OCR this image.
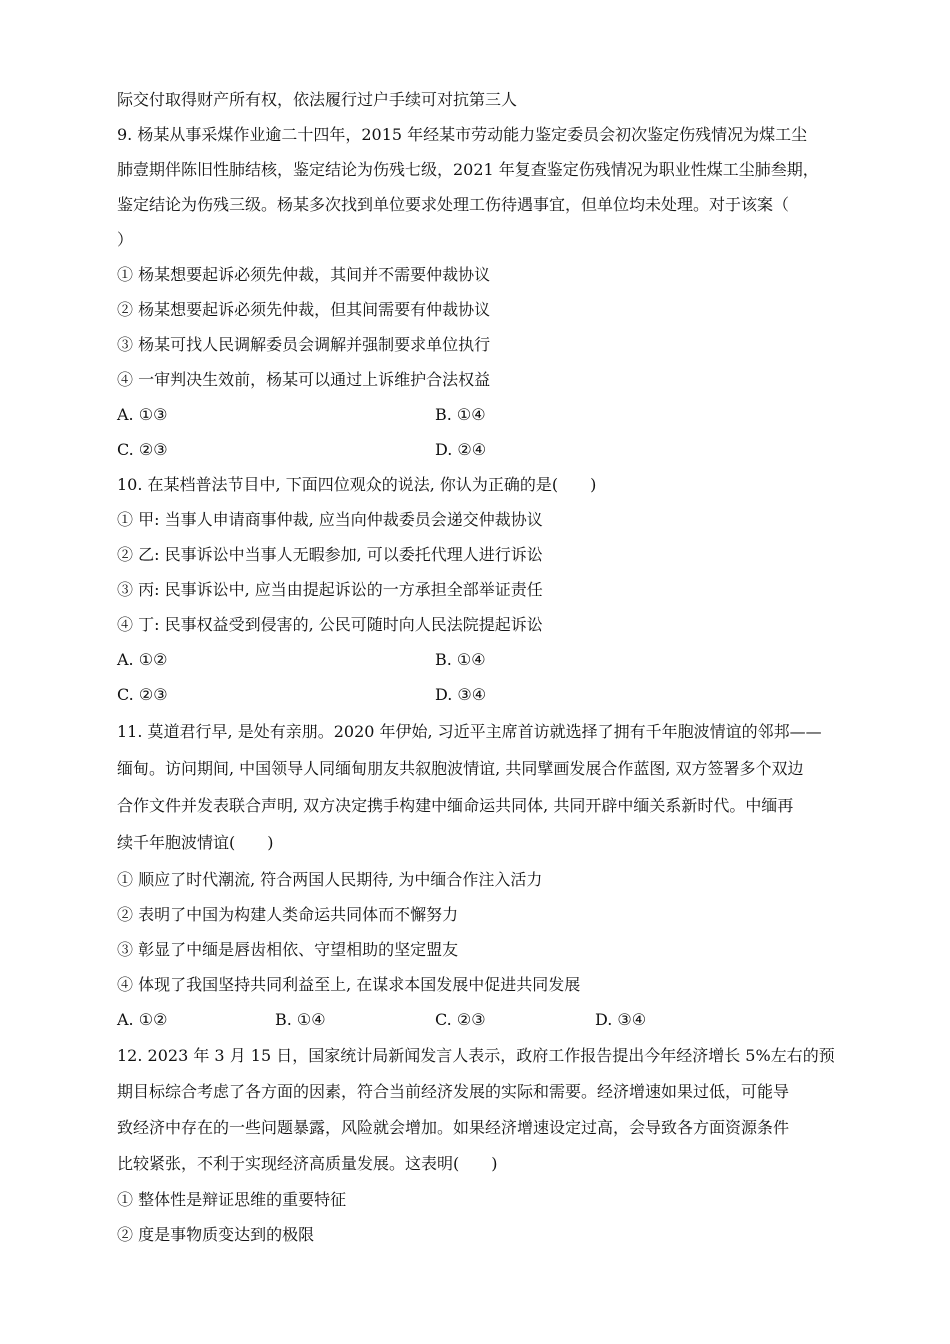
际交付取得财产所有权，依法履行过户手续可对抗第三人
9. 杨某从事采煤作业逾二十四年，2015 年经某市劳动能力鉴定委员会初次鉴定伤残情况为煤工尘
肺壹期伴陈旧性肺结核，鉴定结论为伤残七级，2021 年复查鉴定伤残情况为职业性煤工尘肺叁期，
鉴定结论为伤残三级。杨某多次找到单位要求处理工伤待遇事宜，但单位均未处理。对于该案（
）
① 杨某想要起诉必须先仲裁，其间并不需要仲裁协议
② 杨某想要起诉必须先仲裁，但其间需要有仲裁协议
③ 杨某可找人民调解委员会调解并强制要求单位执行
④ 一审判决生效前，杨某可以通过上诉维护合法权益
A. ①③	B. ①④
C. ②③	D. ②④
10. 在某档普法节目中, 下面四位观众的说法, 你认为正确的是(　　)
① 甲: 当事人申请商事仲裁, 应当向仲裁委员会递交仲裁协议
② 乙: 民事诉讼中当事人无暇参加, 可以委托代理人进行诉讼
③ 丙: 民事诉讼中, 应当由提起诉讼的一方承担全部举证责任
④ 丁: 民事权益受到侵害的, 公民可随时向人民法院提起诉讼
A. ①②	B. ①④
C. ②③	D. ③④
11. 莫道君行早, 是处有亲朋。2020 年伊始, 习近平主席首访就选择了拥有千年胞波情谊的邻邦——
缅甸。访问期间, 中国领导人同缅甸朋友共叙胞波情谊, 共同擘画发展合作蓝图, 双方签署多个双边
合作文件并发表联合声明, 双方决定携手构建中缅命运共同体, 共同开辟中缅关系新时代。中缅再
续千年胞波情谊(　　)
① 顺应了时代潮流, 符合两国人民期待, 为中缅合作注入活力
② 表明了中国为构建人类命运共同体而不懈努力
③ 彰显了中缅是唇齿相依、守望相助的坚定盟友
④ 体现了我国坚持共同利益至上, 在谋求本国发展中促进共同发展
A. ①②	B. ①④	C. ②③	D. ③④
12. 2023 年 3 月 15 日，国家统计局新闻发言人表示，政府工作报告提出今年经济增长 5%左右的预
期目标综合考虑了各方面的因素，符合当前经济发展的实际和需要。经济增速如果过低，可能导
致经济中存在的一些问题暴露，风险就会增加。如果经济增速设定过高，会导致各方面资源条件
比较紧张，不利于实现经济高质量发展。这表明(　　)
① 整体性是辩证思维的重要特征
② 度是事物质变达到的极限
